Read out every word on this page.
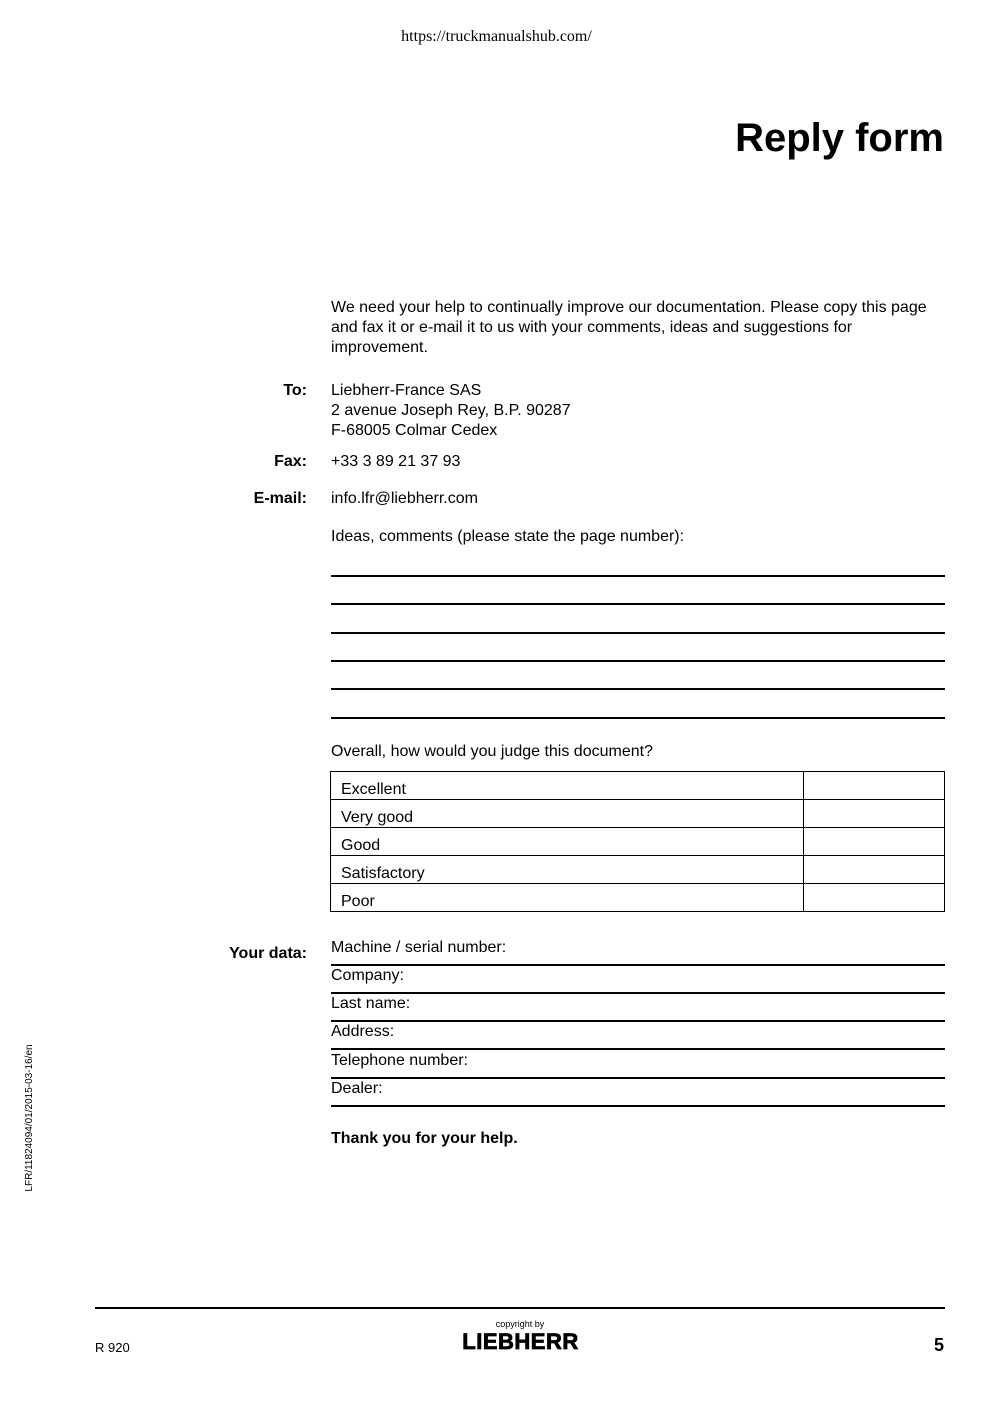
https://truckmanualshub.com/
Reply form
We need your help to continually improve our documentation. Please copy this page and fax it or e-mail it to us with your comments, ideas and suggestions for improvement.
To: Liebherr-France SAS
2 avenue Joseph Rey, B.P. 90287
F-68005 Colmar Cedex
Fax: +33 3 89 21 37 93
E-mail: info.lfr@liebherr.com
Ideas, comments (please state the page number):
Overall, how would you judge this document?
Excellent	
Very good	
Good	
Satisfactory	
Poor	
Your data: Machine / serial number:
Company:
Last name:
Address:
Telephone number:
Dealer:
Thank you for your help.
LFR/11824094/01/2015-03-16/en
R 920
copyright by
LIEBHERR	5
